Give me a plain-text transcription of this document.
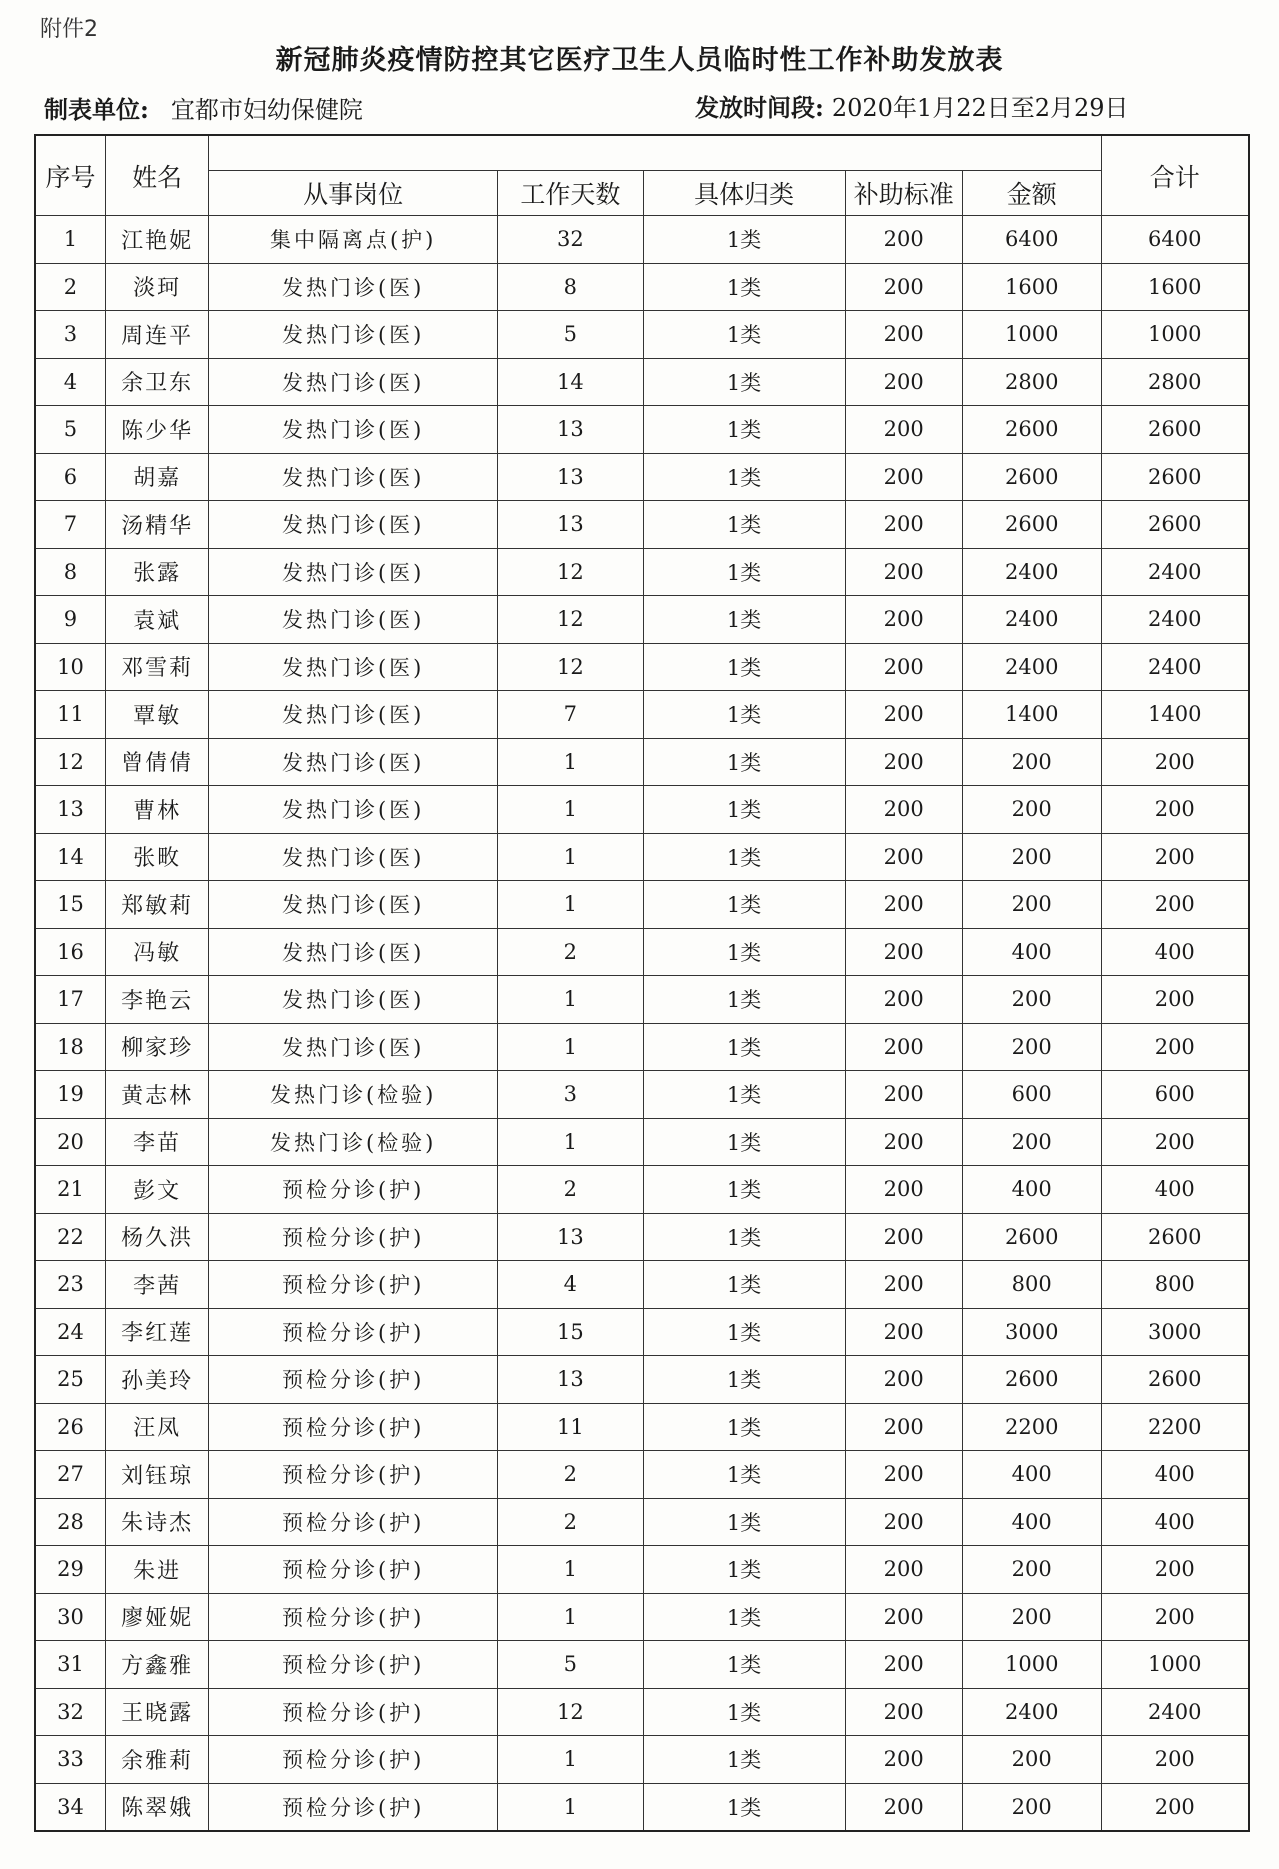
附件2
新冠肺炎疫情防控其它医疗卫生人员临时性工作补助发放表
制表单位: 宜都市妇幼保健院	发放时间段: 2020年1月22日至2月29日
序号	姓名						合计
		从事岗位	工作天数	具体归类	补助标准	金额	
1	江艳妮	集中隔离点(护)	32	1类	200	6400	6400
2	淡珂	发热门诊(医)	8	1类	200	1600	1600
3	周连平	发热门诊(医)	5	1类	200	1000	1000
4	余卫东	发热门诊(医)	14	1类	200	2800	2800
5	陈少华	发热门诊(医)	13	1类	200	2600	2600
6	胡嘉	发热门诊(医)	13	1类	200	2600	2600
7	汤精华	发热门诊(医)	13	1类	200	2600	2600
8	张露	发热门诊(医)	12	1类	200	2400	2400
9	袁斌	发热门诊(医)	12	1类	200	2400	2400
10	邓雪莉	发热门诊(医)	12	1类	200	2400	2400
11	覃敏	发热门诊(医)	7	1类	200	1400	1400
12	曾倩倩	发热门诊(医)	1	1类	200	200	200
13	曹林	发热门诊(医)	1	1类	200	200	200
14	张畋	发热门诊(医)	1	1类	200	200	200
15	郑敏莉	发热门诊(医)	1	1类	200	200	200
16	冯敏	发热门诊(医)	2	1类	200	400	400
17	李艳云	发热门诊(医)	1	1类	200	200	200
18	柳家珍	发热门诊(医)	1	1类	200	200	200
19	黄志林	发热门诊(检验)	3	1类	200	600	600
20	李苗	发热门诊(检验)	1	1类	200	200	200
21	彭文	预检分诊(护)	2	1类	200	400	400
22	杨久洪	预检分诊(护)	13	1类	200	2600	2600
23	李茜	预检分诊(护)	4	1类	200	800	800
24	李红莲	预检分诊(护)	15	1类	200	3000	3000
25	孙美玲	预检分诊(护)	13	1类	200	2600	2600
26	汪凤	预检分诊(护)	11	1类	200	2200	2200
27	刘钰琼	预检分诊(护)	2	1类	200	400	400
28	朱诗杰	预检分诊(护)	2	1类	200	400	400
29	朱进	预检分诊(护)	1	1类	200	200	200
30	廖娅妮	预检分诊(护)	1	1类	200	200	200
31	方鑫雅	预检分诊(护)	5	1类	200	1000	1000
32	王晓露	预检分诊(护)	12	1类	200	2400	2400
33	余雅莉	预检分诊(护)	1	1类	200	200	200
34	陈翠娥	预检分诊(护)	1	1类	200	200	200
